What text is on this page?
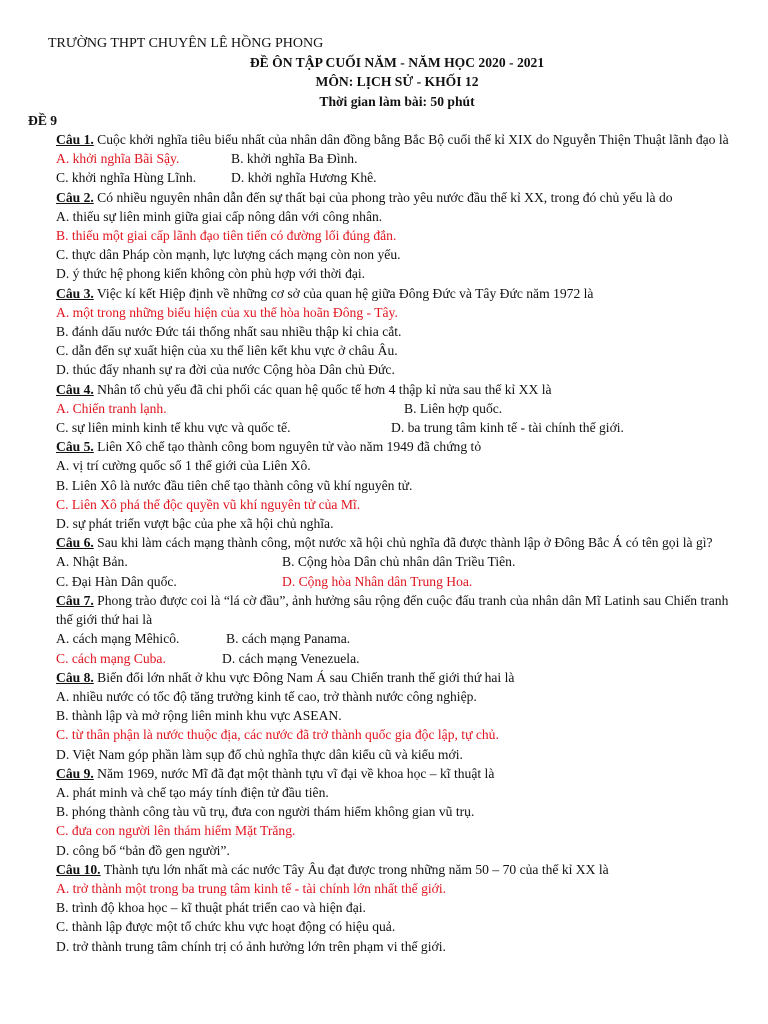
TRƯỜNG THPT CHUYÊN LÊ HỒNG PHONG
ĐỀ ÔN TẬP CUỐI NĂM - NĂM HỌC 2020 - 2021
MÔN: LỊCH SỬ - KHỐI 12
Thời gian làm bài: 50 phút
ĐỀ 9
Câu 1. Cuộc khởi nghĩa tiêu biểu nhất của nhân dân đồng bằng Bắc Bộ cuối thế kỉ XIX do Nguyễn Thiện Thuật lãnh đạo là
A. khởi nghĩa Bãi Sậy.	B. khởi nghĩa Ba Đình.
C. khởi nghĩa Hùng Lĩnh.	D. khởi nghĩa Hương Khê.
Câu 2. Có nhiều nguyên nhân dẫn đến sự thất bại của phong trào yêu nước đầu thế kỉ XX, trong đó chủ yếu là do
A. thiếu sự liên minh giữa giai cấp nông dân với công nhân.
B. thiếu một giai cấp lãnh đạo tiên tiến có đường lối đúng đắn.
C. thực dân Pháp còn mạnh, lực lượng cách mạng còn non yếu.
D. ý thức hệ phong kiến không còn phù hợp với thời đại.
Câu 3. Việc kí kết Hiệp định về những cơ sở của quan hệ giữa Đông Đức và Tây Đức năm 1972 là
A. một trong những biểu hiện của xu thế hòa hoãn Đông - Tây.
B. đánh dấu nước Đức tái thống nhất sau nhiều thập kỉ chia cắt.
C. dẫn đến sự xuất hiện của xu thế liên kết khu vực ở châu Âu.
D. thúc đẩy nhanh sự ra đời của nước Cộng hòa Dân chủ Đức.
Câu 4. Nhân tố chủ yếu đã chi phối các quan hệ quốc tế hơn 4 thập kỉ nửa sau thế kỉ XX là
A. Chiến tranh lạnh.	B. Liên hợp quốc.
C. sự liên minh kinh tế khu vực và quốc tế.	D. ba trung tâm kinh tế - tài chính thế giới.
Câu 5. Liên Xô chế tạo thành công bom nguyên tử vào năm 1949 đã chứng tỏ
A. vị trí cường quốc số 1 thế giới của Liên Xô.
B. Liên Xô là nước đầu tiên chế tạo thành công vũ khí nguyên tử.
C. Liên Xô phá thế độc quyền vũ khí nguyên tử của Mĩ.
D. sự phát triển vượt bậc của phe xã hội chủ nghĩa.
Câu 6. Sau khi làm cách mạng thành công, một nước xã hội chủ nghĩa đã được thành lập ở Đông Bắc Á có tên gọi là gì?
A. Nhật Bản.	B. Cộng hòa Dân chủ nhân dân Triều Tiên.
C. Đại Hàn Dân quốc.	D. Cộng hòa Nhân dân Trung Hoa.
Câu 7. Phong trào được coi là “lá cờ đầu”, ảnh hưởng sâu rộng đến cuộc đấu tranh của nhân dân Mĩ Latinh sau Chiến tranh thế giới thứ hai là
A. cách mạng Mêhicô.	B. cách mạng Panama.
C. cách mạng Cuba.	D. cách mạng Venezuela.
Câu 8. Biến đổi lớn nhất ở khu vực Đông Nam Á sau Chiến tranh thế giới thứ hai là
A. nhiều nước có tốc độ tăng trưởng kinh tế cao, trở thành nước công nghiệp.
B. thành lập và mở rộng liên minh khu vực ASEAN.
C. từ thân phận là nước thuộc địa, các nước đã trở thành quốc gia độc lập, tự chủ.
D. Việt Nam góp phần làm sụp đổ chủ nghĩa thực dân kiểu cũ và kiểu mới.
Câu 9. Năm 1969, nước Mĩ đã đạt một thành tựu vĩ đại về khoa học – kĩ thuật là
A. phát minh và chế tạo máy tính điện tử đầu tiên.
B. phóng thành công tàu vũ trụ, đưa con người thám hiểm không gian vũ trụ.
C. đưa con người lên thám hiểm Mặt Trăng.
D. công bố “bản đồ gen người”.
Câu 10. Thành tựu lớn nhất mà các nước Tây Âu đạt được trong những năm 50 – 70 của thế kỉ XX là
A. trở thành một trong ba trung tâm kinh tế - tài chính lớn nhất thế giới.
B. trình độ khoa học – kĩ thuật phát triển cao và hiện đại.
C. thành lập được một tổ chức khu vực hoạt động có hiệu quả.
D. trở thành trung tâm chính trị có ảnh hưởng lớn trên phạm vi thế giới.
